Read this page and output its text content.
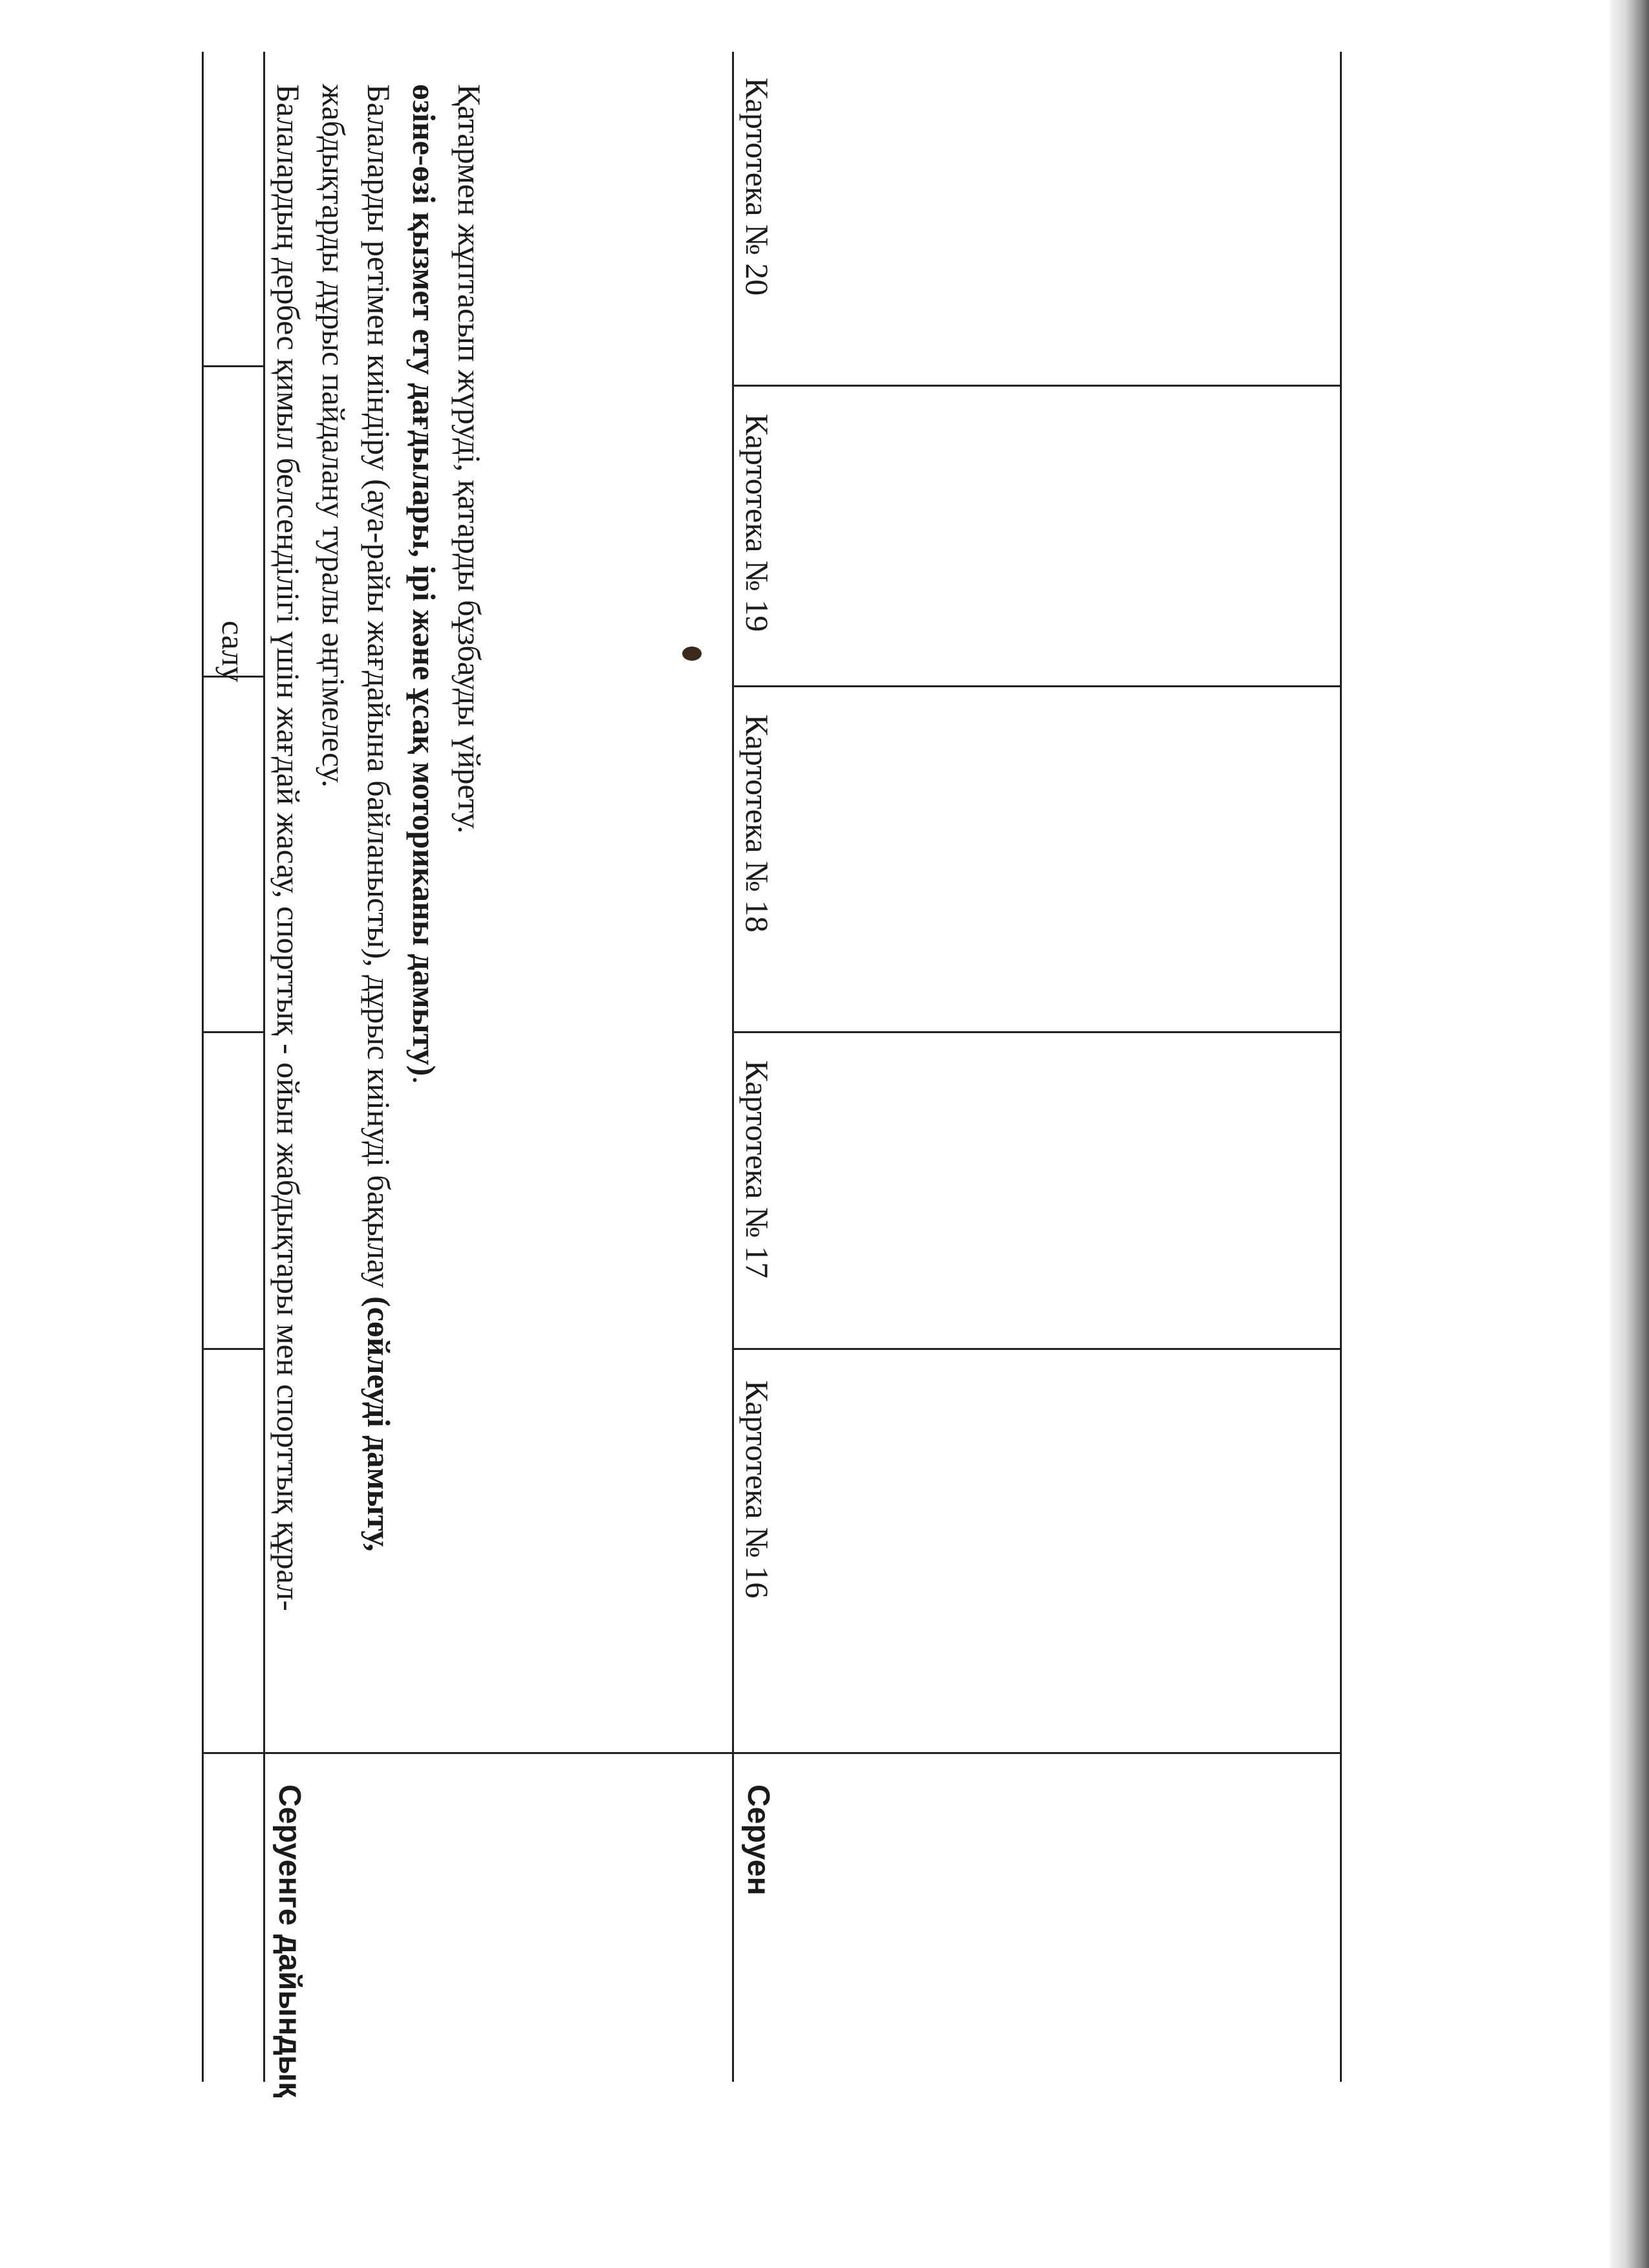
салу
Серуенге дайындық
Балалардың дербес қимыл белсенділігі үшін жағдай жасау, спорттық - ойын жабдықтары мен спорттық құрал- жабдықтарды дұрыс пайдалану туралы әңгімелесу. Балаларды ретімен киіндіру (ауа-райы жағдайына байланысты), дұрыс киінуді бақылау (сөйлеуді дамыту,
өзіне-өзі қызмет ету дағдылары, ірі және ұсақ моториканы дамыту).
Қатармен жұптасып жүруді, қатарды бұзбауды үйрету.
Серуен
Картотека № 16
Картотека № 17
Картотека № 18
Картотека № 19
Картотека № 20
